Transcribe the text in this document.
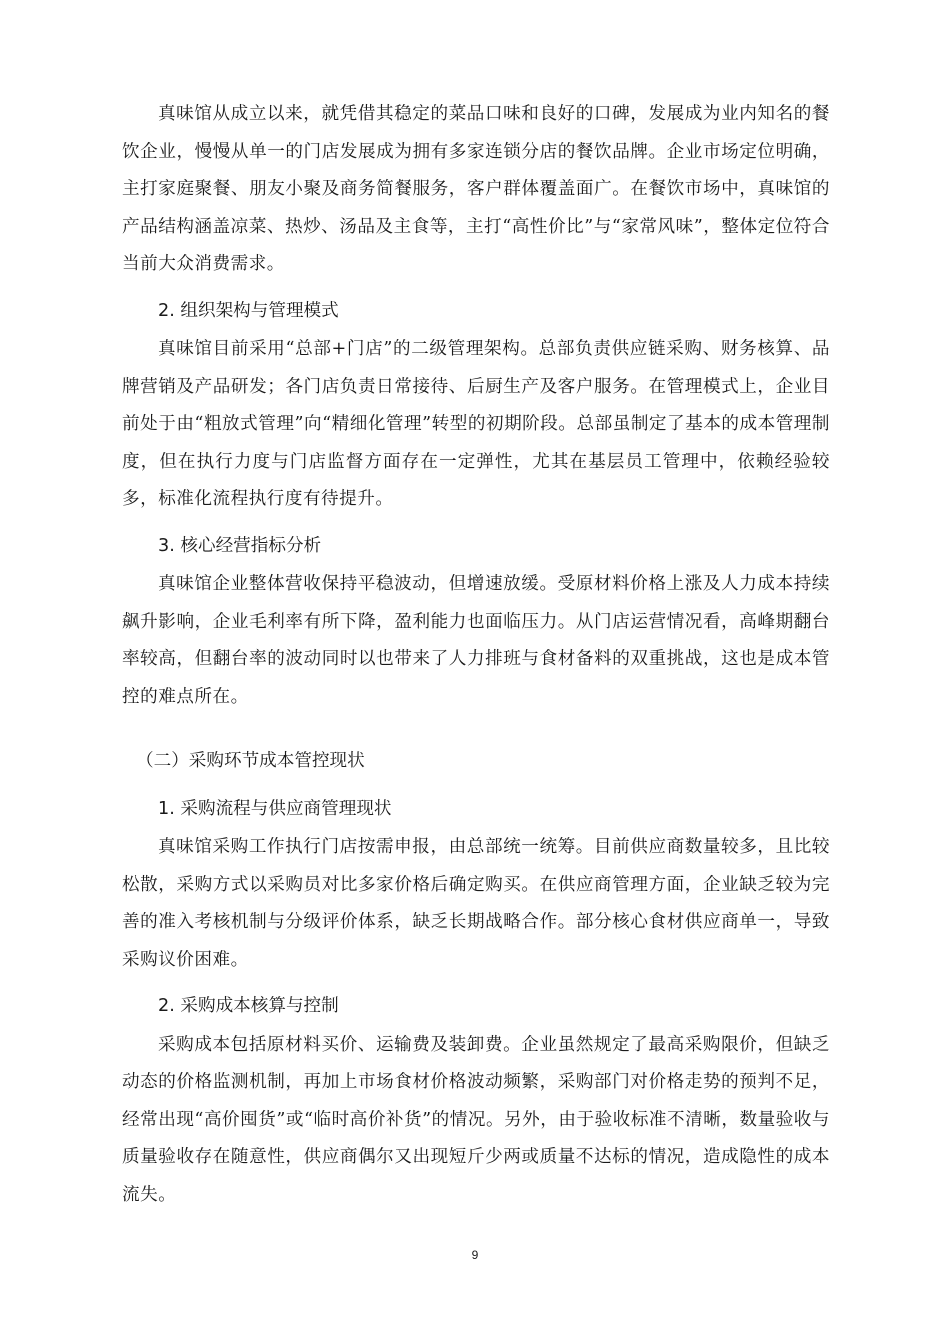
真味馆从成立以来，就凭借其稳定的菜品口味和良好的口碑，发展成为业内知名的餐饮企业，慢慢从单一的门店发展成为拥有多家连锁分店的餐饮品牌。企业市场定位明确，主打家庭聚餐、朋友小聚及商务简餐服务，客户群体覆盖面广。在餐饮市场中，真味馆的产品结构涵盖凉菜、热炒、汤品及主食等，主打“高性价比”与“家常风味”，整体定位符合当前大众消费需求。

2. 组织架构与管理模式

真味馆目前采用“总部+门店”的二级管理架构。总部负责供应链采购、财务核算、品牌营销及产品研发；各门店负责日常接待、后厨生产及客户服务。在管理模式上，企业目前处于由“粗放式管理”向“精细化管理”转型的初期阶段。总部虽制定了基本的成本管理制度，但在执行力度与门店监督方面存在一定弹性，尤其在基层员工管理中，依赖经验较多，标准化流程执行度有待提升。

3. 核心经营指标分析

真味馆企业整体营收保持平稳波动，但增速放缓。受原材料价格上涨及人力成本持续飙升影响，企业毛利率有所下降，盈利能力也面临压力。从门店运营情况看，高峰期翻台率较高，但翻台率的波动同时以也带来了人力排班与食材备料的双重挑战，这也是成本管控的难点所在。

（二）采购环节成本管控现状

1. 采购流程与供应商管理现状

真味馆采购工作执行门店按需申报，由总部统一统筹。目前供应商数量较多，且比较松散，采购方式以采购员对比多家价格后确定购买。在供应商管理方面，企业缺乏较为完善的准入考核机制与分级评价体系，缺乏长期战略合作。部分核心食材供应商单一，导致采购议价困难。

2. 采购成本核算与控制

采购成本包括原材料买价、运输费及装卸费。企业虽然规定了最高采购限价，但缺乏动态的价格监测机制，再加上市场食材价格波动频繁，采购部门对价格走势的预判不足，经常出现“高价囤货”或“临时高价补货”的情况。另外，由于验收标准不清晰，数量验收与质量验收存在随意性，供应商偶尔又出现短斤少两或质量不达标的情况，造成隐性的成本流失。

9
